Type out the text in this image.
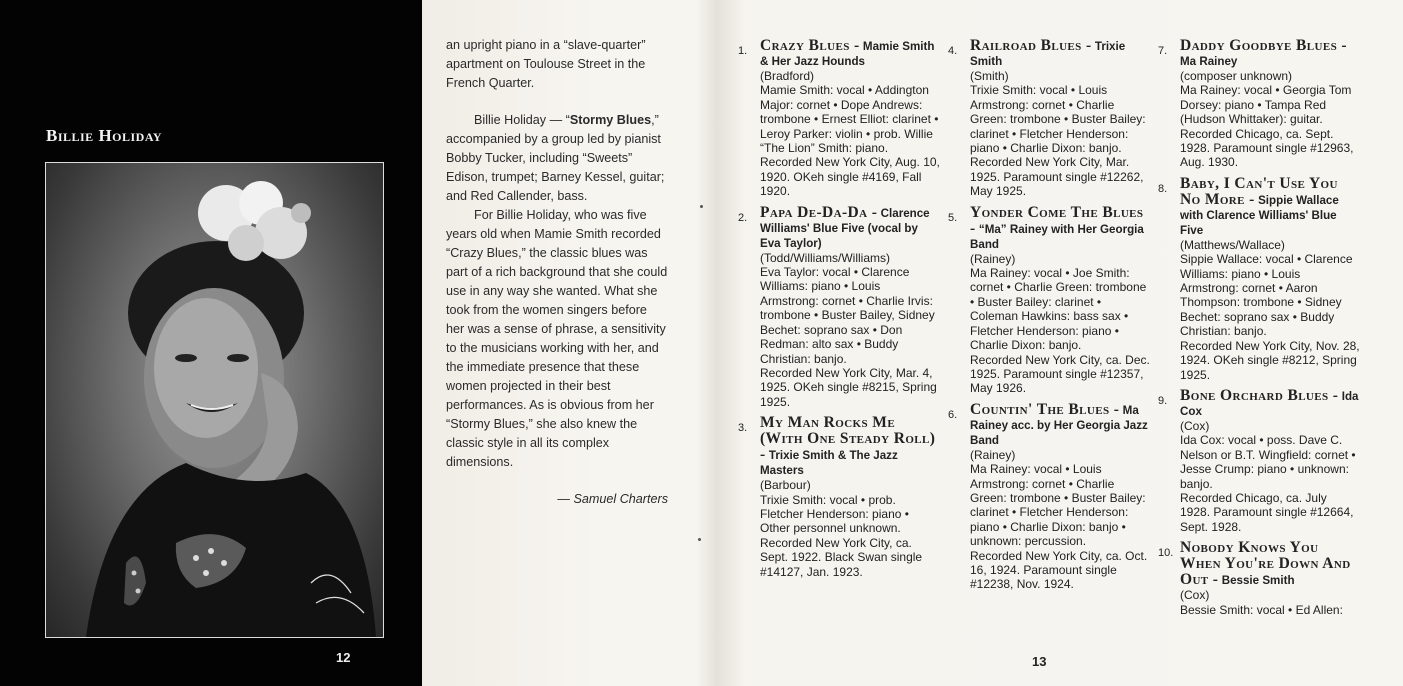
Billie Holiday
12

an upright piano in a “slave-quarter” apartment on Toulouse Street in the French Quarter.

Billie Holiday — “Stormy Blues,” accompanied by a group led by pianist Bobby Tucker, including “Sweets” Edison, trumpet; Barney Kessel, guitar; and Red Callender, bass.

For Billie Holiday, who was five years old when Mamie Smith recorded “Crazy Blues,” the classic blues was part of a rich background that she could use in any way she wanted. What she took from the women singers before her was a sense of phrase, a sensitivity to the musicians working with her, and the immediate presence that these women projected in their best performances. As is obvious from her “Stormy Blues,” she also knew the classic style in all its complex dimensions.

— Samuel Charters

1. Crazy Blues - Mamie Smith & Her Jazz Hounds
(Bradford)
Mamie Smith: vocal • Addington Major: cornet • Dope Andrews: trombone • Ernest Elliot: clarinet • Leroy Parker: violin • prob. Willie “The Lion” Smith: piano.
Recorded New York City, Aug. 10, 1920. OKeh single #4169, Fall 1920.
2. Papa De-Da-Da - Clarence Williams' Blue Five (vocal by Eva Taylor)
(Todd/Williams/Williams)
Eva Taylor: vocal • Clarence Williams: piano • Louis Armstrong: cornet • Charlie Irvis: trombone • Buster Bailey, Sidney Bechet: soprano sax • Don Redman: alto sax • Buddy Christian: banjo.
Recorded New York City, Mar. 4, 1925. OKeh single #8215, Spring 1925.
3. My Man Rocks Me (With One Steady Roll) - Trixie Smith & The Jazz Masters
(Barbour)
Trixie Smith: vocal • prob. Fletcher Henderson: piano • Other personnel unknown.
Recorded New York City, ca. Sept. 1922. Black Swan single #14127, Jan. 1923.
4. Railroad Blues - Trixie Smith
(Smith)
Trixie Smith: vocal • Louis Armstrong: cornet • Charlie Green: trombone • Buster Bailey: clarinet • Fletcher Henderson: piano • Charlie Dixon: banjo.
Recorded New York City, Mar. 1925. Paramount single #12262, May 1925.
5. Yonder Come The Blues - “Ma” Rainey with Her Georgia Band
(Rainey)
Ma Rainey: vocal • Joe Smith: cornet • Charlie Green: trombone • Buster Bailey: clarinet • Coleman Hawkins: bass sax • Fletcher Henderson: piano • Charlie Dixon: banjo.
Recorded New York City, ca. Dec. 1925. Paramount single #12357, May 1926.
6. Countin' The Blues - Ma Rainey acc. by Her Georgia Jazz Band
(Rainey)
Ma Rainey: vocal • Louis Armstrong: cornet • Charlie Green: trombone • Buster Bailey: clarinet • Fletcher Henderson: piano • Charlie Dixon: banjo • unknown: percussion.
Recorded New York City, ca. Oct. 16, 1924. Paramount single #12238, Nov. 1924.
7. Daddy Goodbye Blues - Ma Rainey
(composer unknown)
Ma Rainey: vocal • Georgia Tom Dorsey: piano • Tampa Red (Hudson Whittaker): guitar.
Recorded Chicago, ca. Sept. 1928. Paramount single #12963, Aug. 1930.
8. Baby, I Can't Use You No More - Sippie Wallace with Clarence Williams' Blue Five
(Matthews/Wallace)
Sippie Wallace: vocal • Clarence Williams: piano • Louis Armstrong: cornet • Aaron Thompson: trombone • Sidney Bechet: soprano sax • Buddy Christian: banjo.
Recorded New York City, Nov. 28, 1924. OKeh single #8212, Spring 1925.
9. Bone Orchard Blues - Ida Cox
(Cox)
Ida Cox: vocal • poss. Dave C. Nelson or B.T. Wingfield: cornet • Jesse Crump: piano • unknown: banjo.
Recorded Chicago, ca. July 1928. Paramount single #12664, Sept. 1928.
10. Nobody Knows You When You're Down And Out - Bessie Smith
(Cox)
Bessie Smith: vocal • Ed Allen:
13
